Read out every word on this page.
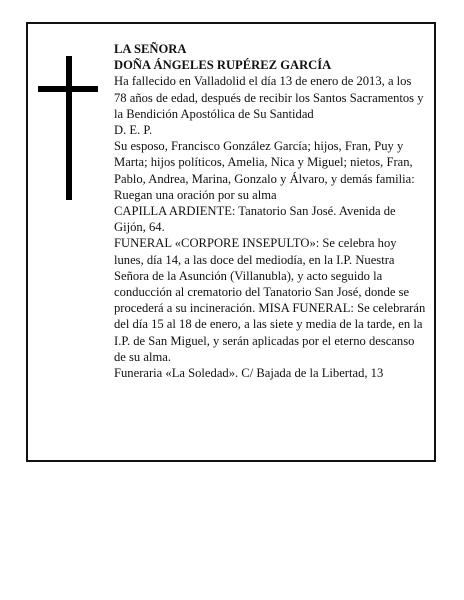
LA SEÑORA

DOÑA ÁNGELES RUPÉREZ GARCÍA

Ha fallecido en Valladolid el día 13 de enero de 2013, a los 78 años de edad, después de recibir los Santos Sacramentos y la Bendición Apostólica de Su Santidad

D. E. P.

Su esposo, Francisco González García; hijos, Fran, Puy y Marta; hijos políticos, Amelia, Nica y Miguel; nietos, Fran, Pablo, Andrea, Marina, Gonzalo y Álvaro, y demás familia:

Ruegan una oración por su alma

CAPILLA ARDIENTE: Tanatorio San José. Avenida de Gijón, 64.

FUNERAL «CORPORE INSEPULTO»: Se celebra hoy lunes, día 14, a las doce del mediodía, en la I.P. Nuestra Señora de la Asunción (Villanubla), y acto seguido la conducción al crematorio del Tanatorio San José, donde se procederá a su incineración. MISA FUNERAL: Se celebrarán del día 15 al 18 de enero, a las siete y media de la tarde, en la I.P. de San Miguel, y serán aplicadas por el eterno descanso de su alma.

Funeraria «La Soledad». C/ Bajada de la Libertad, 13
